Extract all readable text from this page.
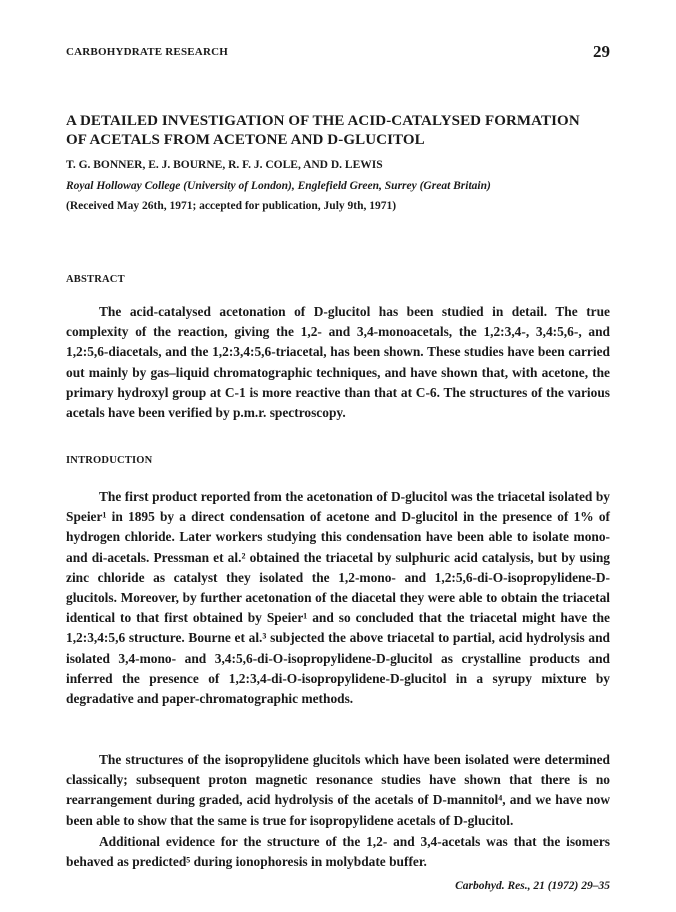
CARBOHYDRATE RESEARCH	29
A DETAILED INVESTIGATION OF THE ACID-CATALYSED FORMATION
OF ACETALS FROM ACETONE AND D-GLUCITOL
T. G. BONNER, E. J. BOURNE, R. F. J. COLE, AND D. LEWIS
Royal Holloway College (University of London), Englefield Green, Surrey (Great Britain)
(Received May 26th, 1971; accepted for publication, July 9th, 1971)
ABSTRACT

The acid-catalysed acetonation of D-glucitol has been studied in detail. The true complexity of the reaction, giving the 1,2- and 3,4-monoacetals, the 1,2:3,4-, 3,4:5,6-, and 1,2:5,6-diacetals, and the 1,2:3,4:5,6-triacetal, has been shown. These studies have been carried out mainly by gas–liquid chromatographic techniques, and have shown that, with acetone, the primary hydroxyl group at C-1 is more reactive than that at C-6. The structures of the various acetals have been verified by p.m.r. spectroscopy.

INTRODUCTION

The first product reported from the acetonation of D-glucitol was the triacetal isolated by Speier¹ in 1895 by a direct condensation of acetone and D-glucitol in the presence of 1% of hydrogen chloride. Later workers studying this condensation have been able to isolate mono- and di-acetals. Pressman et al.² obtained the triacetal by sulphuric acid catalysis, but by using zinc chloride as catalyst they isolated the 1,2-mono- and 1,2:5,6-di-O-isopropylidene-D-glucitols. Moreover, by further acetonation of the diacetal they were able to obtain the triacetal identical to that first obtained by Speier¹ and so concluded that the triacetal might have the 1,2:3,4:5,6 structure. Bourne et al.³ subjected the above triacetal to partial, acid hydrolysis and isolated 3,4-mono- and 3,4:5,6-di-O-isopropylidene-D-glucitol as crystalline products and inferred the presence of 1,2:3,4-di-O-isopropylidene-D-glucitol in a syrupy mixture by degradative and paper-chromatographic methods.

The structures of the isopropylidene glucitols which have been isolated were determined classically; subsequent proton magnetic resonance studies have shown that there is no rearrangement during graded, acid hydrolysis of the acetals of D-mannitol⁴, and we have now been able to show that the same is true for isopropylidene acetals of D-glucitol.

Additional evidence for the structure of the 1,2- and 3,4-acetals was that the isomers behaved as predicted⁵ during ionophoresis in molybdate buffer.

Carbohyd. Res., 21 (1972) 29–35
